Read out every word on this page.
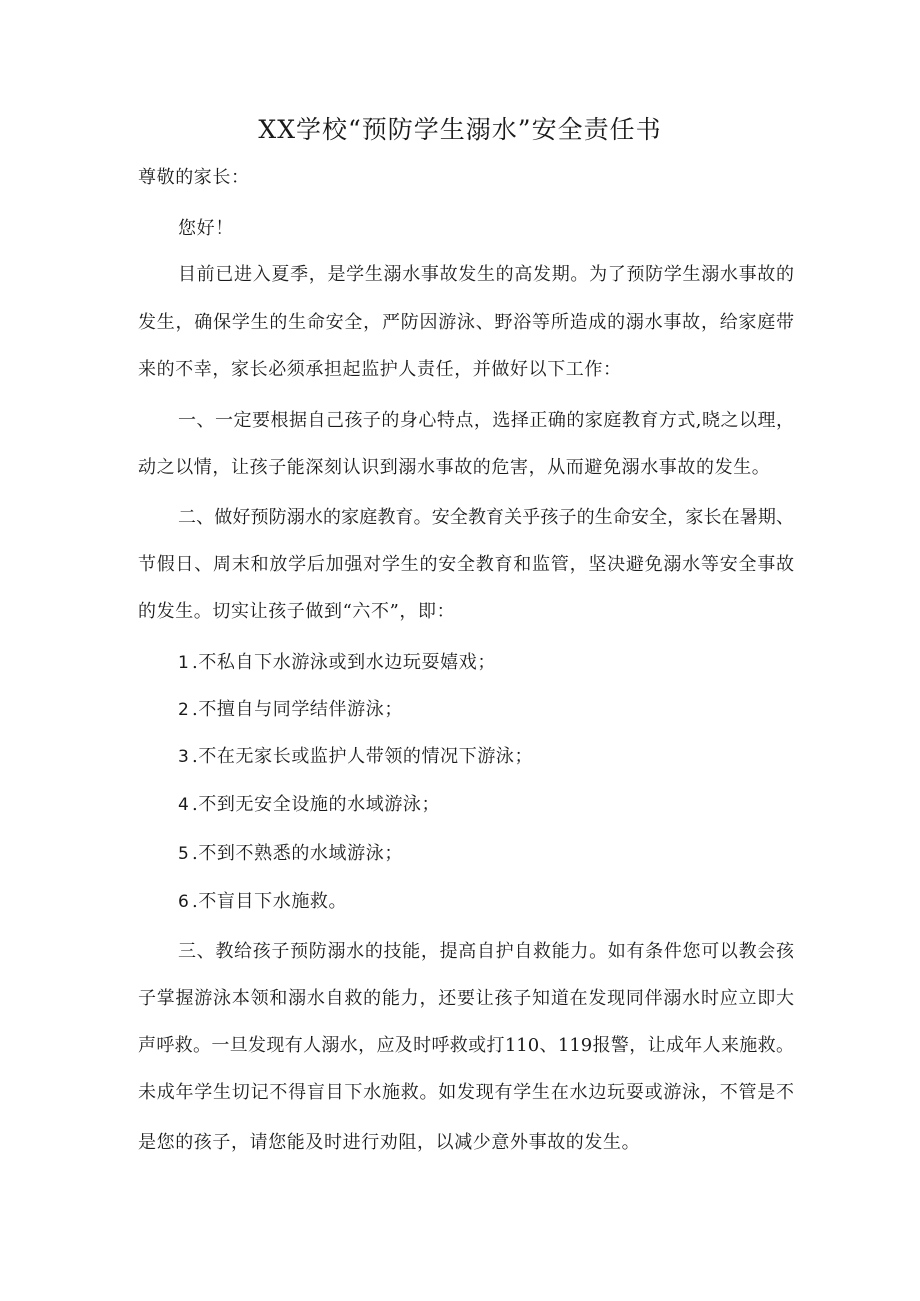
XX学校“预防学生溺水”安全责任书
尊敬的家长：
您好！
目前已进入夏季，是学生溺水事故发生的高发期。为了预防学生溺水事故的
发生，确保学生的生命安全，严防因游泳、野浴等所造成的溺水事故，给家庭带
来的不幸，家长必须承担起监护人责任，并做好以下工作：
一、一定要根据自己孩子的身心特点，选择正确的家庭教育方式,晓之以理，
动之以情，让孩子能深刻认识到溺水事故的危害，从而避免溺水事故的发生。
二、做好预防溺水的家庭教育。安全教育关乎孩子的生命安全，家长在暑期、
节假日、周末和放学后加强对学生的安全教育和监管，坚决避免溺水等安全事故
的发生。切实让孩子做到“六不”，即：
1 .不私自下水游泳或到水边玩耍嬉戏；
2 .不擅自与同学结伴游泳；
3 .不在无家长或监护人带领的情况下游泳；
4 .不到无安全设施的水域游泳；
5 .不到不熟悉的水域游泳；
6 .不盲目下水施救。
三、教给孩子预防溺水的技能，提高自护自救能力。如有条件您可以教会孩
子掌握游泳本领和溺水自救的能力，还要让孩子知道在发现同伴溺水时应立即大
声呼救。一旦发现有人溺水，应及时呼救或打110、119报警，让成年人来施救。
未成年学生切记不得盲目下水施救。如发现有学生在水边玩耍或游泳，不管是不
是您的孩子，请您能及时进行劝阻，以减少意外事故的发生。
